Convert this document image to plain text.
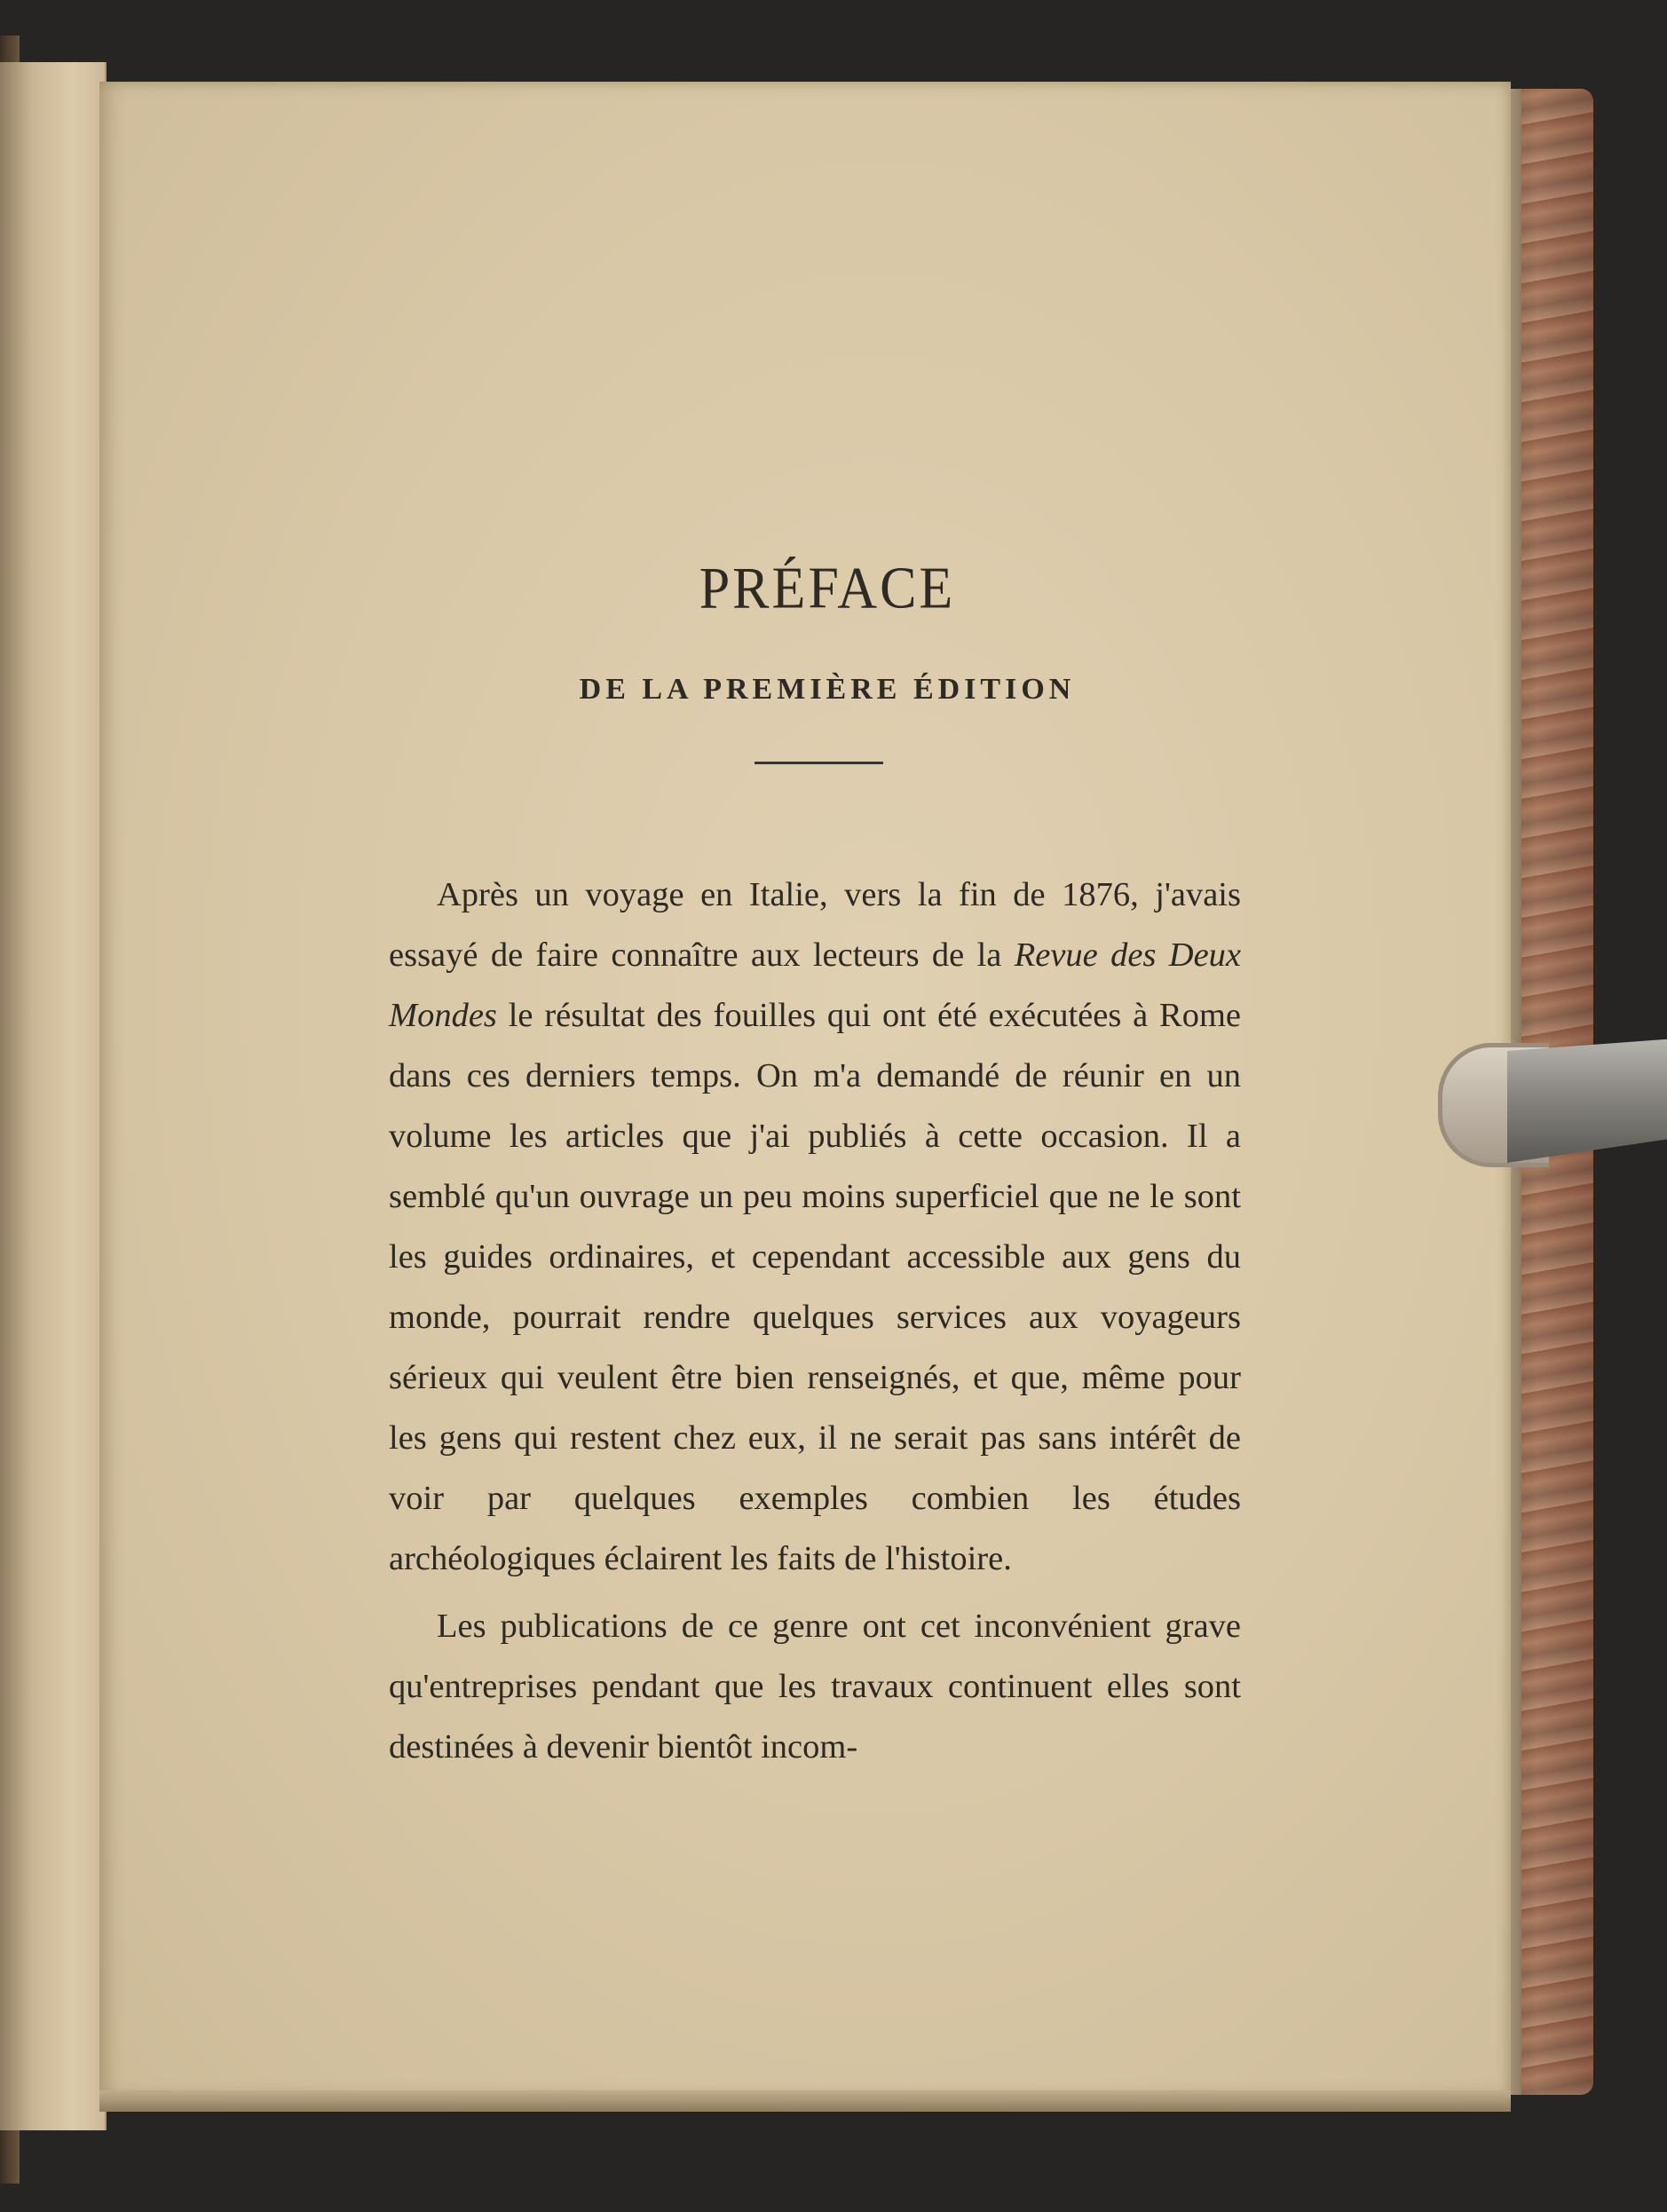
PRÉFACE
DE LA PREMIÈRE ÉDITION

Après un voyage en Italie, vers la fin de 1876, j'avais essayé de faire connaître aux lecteurs de la Revue des Deux Mondes le résultat des fouilles qui ont été exécutées à Rome dans ces derniers temps. On m'a demandé de réunir en un volume les articles que j'ai publiés à cette occasion. Il a semblé qu'un ouvrage un peu moins superficiel que ne le sont les guides ordinaires, et cependant accessible aux gens du monde, pourrait rendre quelques services aux voyageurs sérieux qui veulent être bien renseignés, et que, même pour les gens qui restent chez eux, il ne serait pas sans intérêt de voir par quelques exemples combien les études archéologiques éclairent les faits de l'histoire.

Les publications de ce genre ont cet inconvénient grave qu'entreprises pendant que les travaux continuent elles sont destinées à devenir bientôt incom-
